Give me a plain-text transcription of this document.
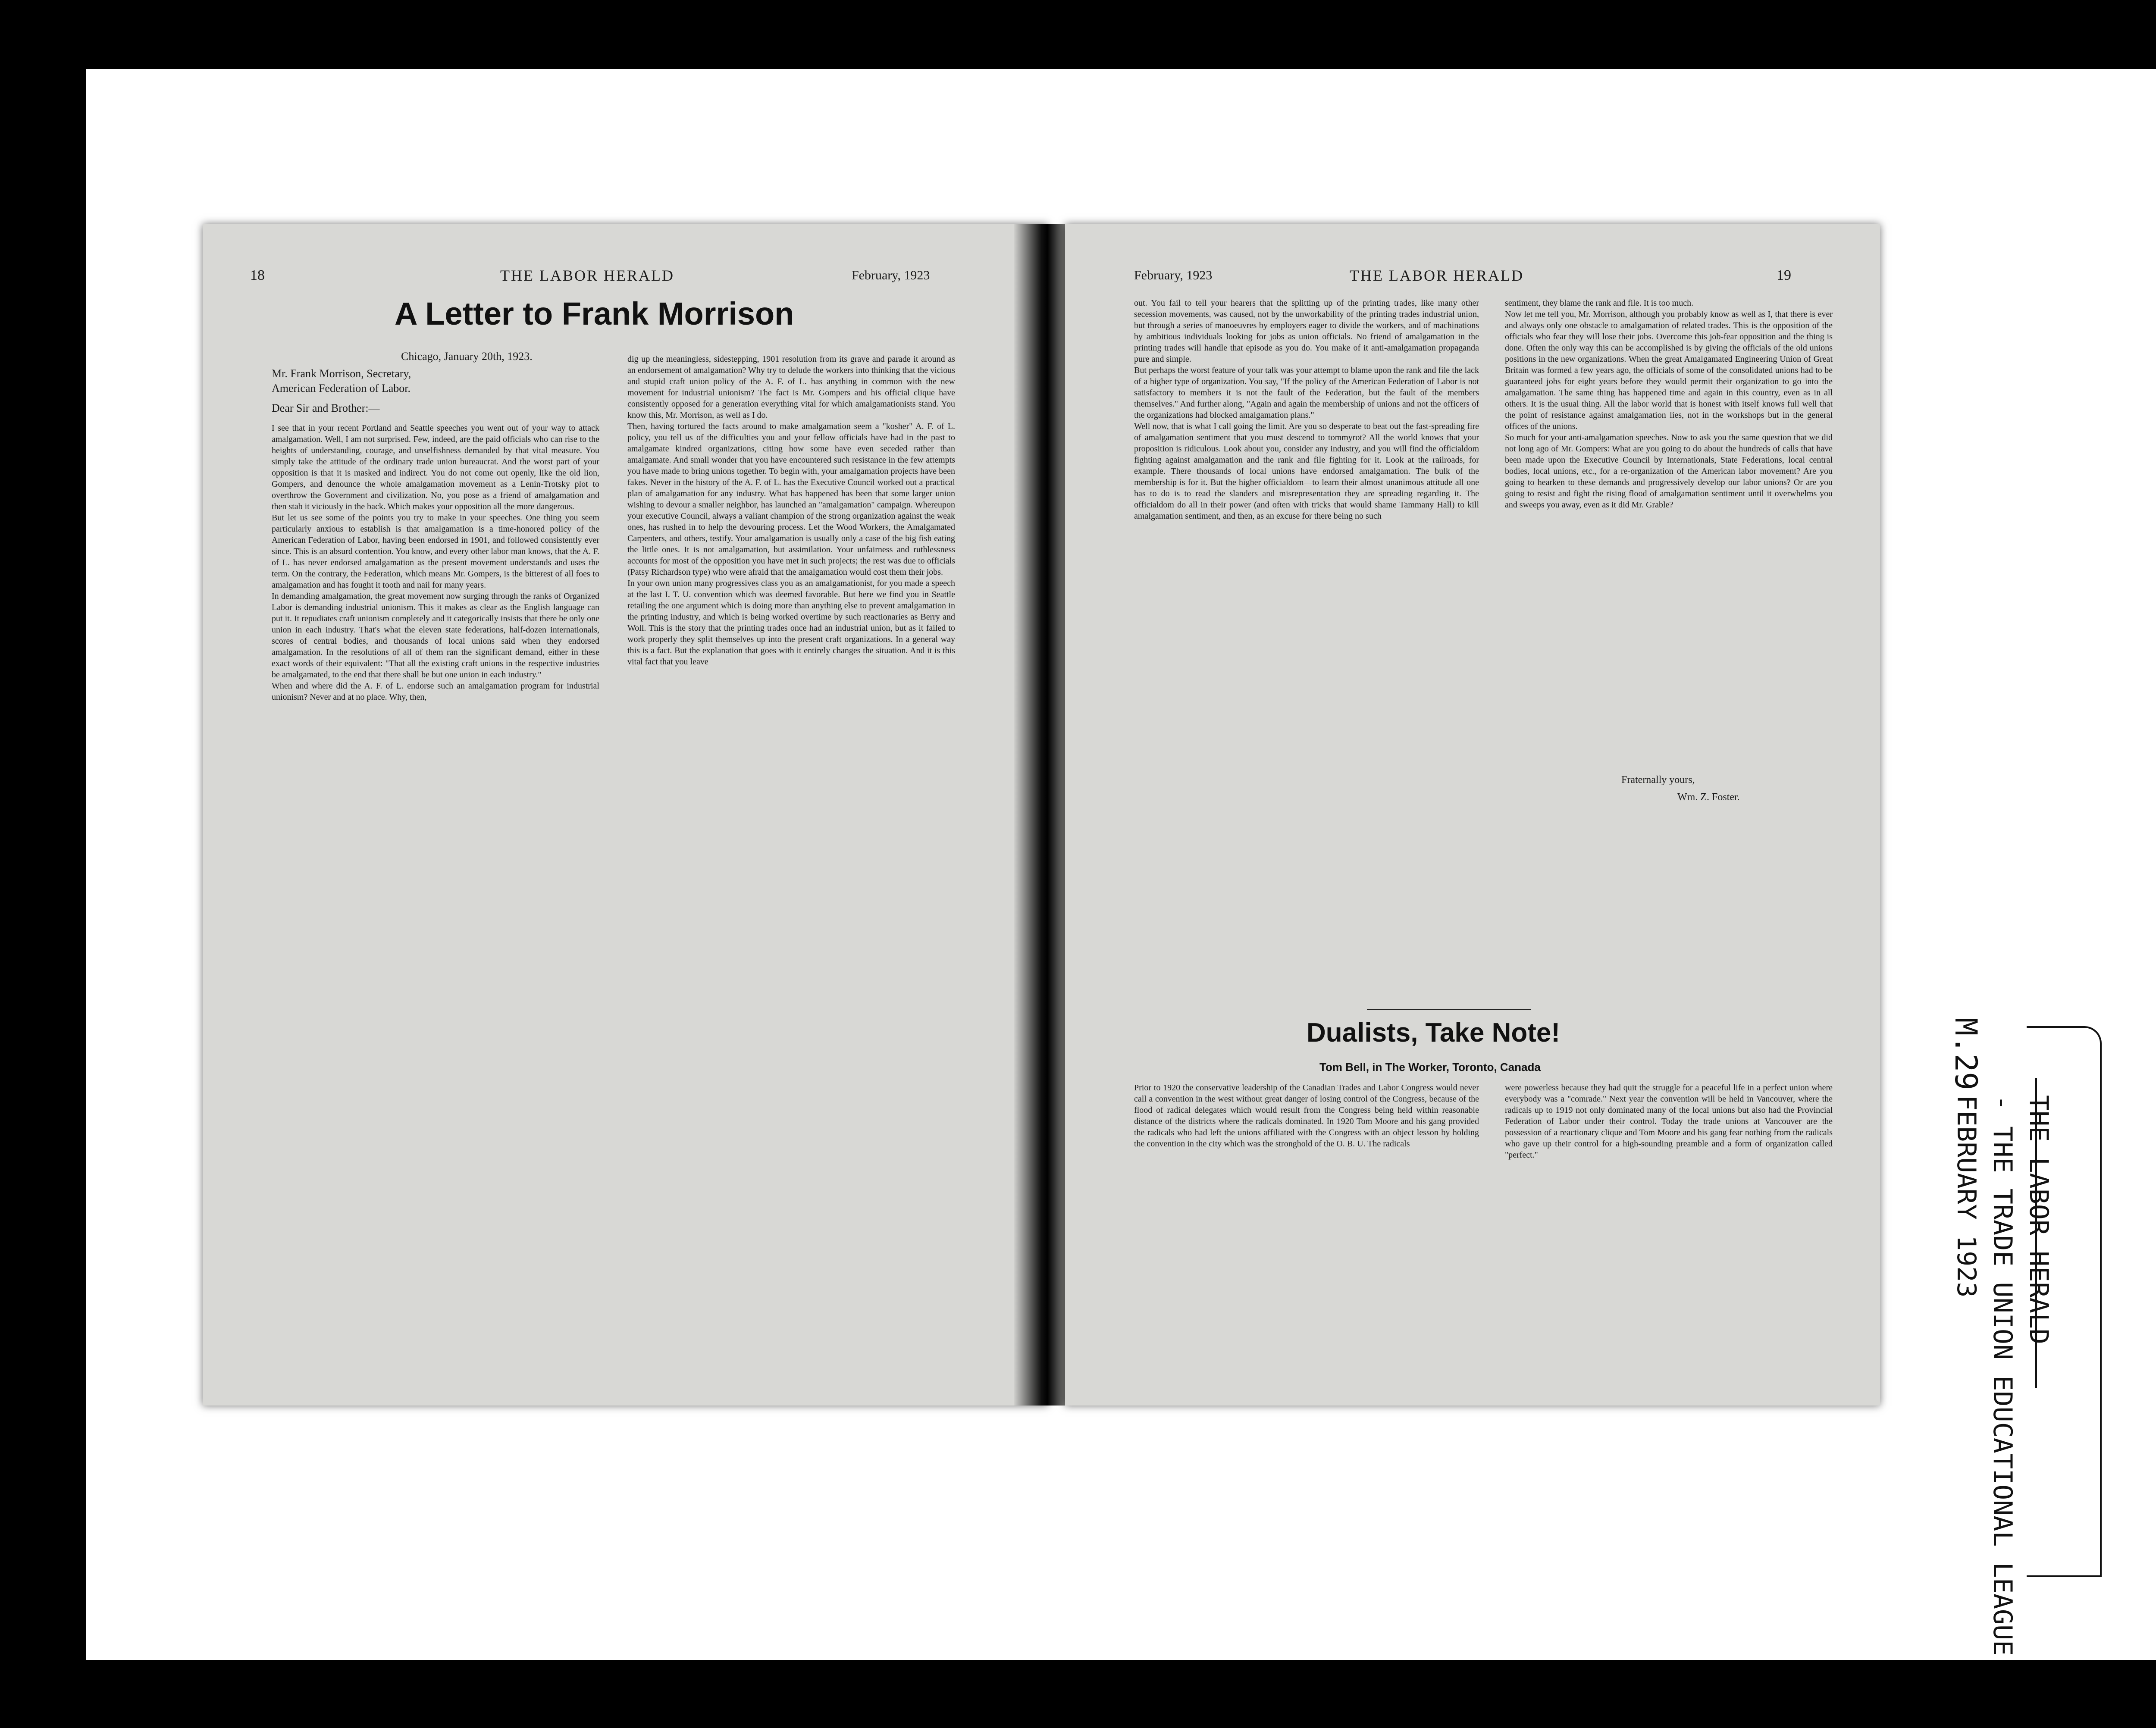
18	THE LABOR HERALD	February, 1923
A Letter to Frank Morrison
Chicago, January 20th, 1923.
Mr. Frank Morrison, Secretary,
American Federation of Labor.
Dear Sir and Brother:—
I see that in your recent Portland and Seattle speeches you went out of your way to attack amalgamation. Well, I am not surprised. Few, indeed, are the paid officials who can rise to the heights of understanding, courage, and unselfishness demanded by that vital measure. You simply take the attitude of the ordinary trade union bureaucrat. And the worst part of your opposition is that it is masked and indirect. You do not come out openly, like the old lion, Gompers, and denounce the whole amalgamation movement as a Lenin-Trotsky plot to overthrow the Government and civilization. No, you pose as a friend of amalgamation and then stab it viciously in the back. Which makes your opposition all the more dangerous.
But let us see some of the points you try to make in your speeches. One thing you seem particularly anxious to establish is that amalgamation is a time-honored policy of the American Federation of Labor, having been endorsed in 1901, and followed consistently ever since. This is an absurd contention. You know, and every other labor man knows, that the A. F. of L. has never endorsed amalgamation as the present movement understands and uses the term. On the contrary, the Federation, which means Mr. Gompers, is the bitterest of all foes to amalgamation and has fought it tooth and nail for many years.
In demanding amalgamation, the great movement now surging through the ranks of Organized Labor is demanding industrial unionism. This it makes as clear as the English language can put it. It repudiates craft unionism completely and it categorically insists that there be only one union in each industry. That's what the eleven state federations, half-dozen internationals, scores of central bodies, and thousands of local unions said when they endorsed amalgamation. In the resolutions of all of them ran the significant demand, either in these exact words of their equivalent: "That all the existing craft unions in the respective industries be amalgamated, to the end that there shall be but one union in each industry."
When and where did the A. F. of L. endorse such an amalgamation program for industrial unionism? Never and at no place. Why, then,
dig up the meaningless, sidestepping, 1901 resolution from its grave and parade it around as an endorsement of amalgamation? Why try to delude the workers into thinking that the vicious and stupid craft union policy of the A. F. of L. has anything in common with the new movement for industrial unionism? The fact is Mr. Gompers and his official clique have consistently opposed for a generation everything vital for which amalgamationists stand. You know this, Mr. Morrison, as well as I do.
Then, having tortured the facts around to make amalgamation seem a "kosher" A. F. of L. policy, you tell us of the difficulties you and your fellow officials have had in the past to amalgamate kindred organizations, citing how some have even seceded rather than amalgamate. And small wonder that you have encountered such resistance in the few attempts you have made to bring unions together. To begin with, your amalgamation projects have been fakes. Never in the history of the A. F. of L. has the Executive Council worked out a practical plan of amalgamation for any industry. What has happened has been that some larger union wishing to devour a smaller neighbor, has launched an "amalgamation" campaign. Whereupon your executive Council, always a valiant champion of the strong organization against the weak ones, has rushed in to help the devouring process. Let the Wood Workers, the Amalgamated Carpenters, and others, testify. Your amalgamation is usually only a case of the big fish eating the little ones. It is not amalgamation, but assimilation. Your unfairness and ruthlessness accounts for most of the opposition you have met in such projects; the rest was due to officials (Patsy Richardson type) who were afraid that the amalgamation would cost them their jobs.
In your own union many progressives class you as an amalgamationist, for you made a speech at the last I. T. U. convention which was deemed favorable. But here we find you in Seattle retailing the one argument which is doing more than anything else to prevent amalgamation in the printing industry, and which is being worked overtime by such reactionaries as Berry and Woll. This is the story that the printing trades once had an industrial union, but as it failed to work properly they split themselves up into the present craft organizations. In a general way this is a fact. But the explanation that goes with it entirely changes the situation. And it is this vital fact that you leave
February, 1923	THE LABOR HERALD	19
out. You fail to tell your hearers that the splitting up of the printing trades, like many other secession movements, was caused, not by the unworkability of the printing trades industrial union, but through a series of manoeuvres by employers eager to divide the workers, and of machinations by ambitious individuals looking for jobs as union officials. No friend of amalgamation in the printing trades will handle that episode as you do. You make of it anti-amalgamation propaganda pure and simple.
But perhaps the worst feature of your talk was your attempt to blame upon the rank and file the lack of a higher type of organization. You say, "If the policy of the American Federation of Labor is not satisfactory to members it is not the fault of the Federation, but the fault of the members themselves." And further along, "Again and again the membership of unions and not the officers of the organizations had blocked amalgamation plans."
Well now, that is what I call going the limit. Are you so desperate to beat out the fast-spreading fire of amalgamation sentiment that you must descend to tommyrot? All the world knows that your proposition is ridiculous. Look about you, consider any industry, and you will find the officialdom fighting against amalgamation and the rank and file fighting for it. Look at the railroads, for example. There thousands of local unions have endorsed amalgamation. The bulk of the membership is for it. But the higher officialdom—to learn their almost unanimous attitude all one has to do is to read the slanders and misrepresentation they are spreading regarding it. The officialdom do all in their power (and often with tricks that would shame Tammany Hall) to kill amalgamation sentiment, and then, as an excuse for there being no such
sentiment, they blame the rank and file. It is too much.
Now let me tell you, Mr. Morrison, although you probably know as well as I, that there is ever and always only one obstacle to amalgamation of related trades. This is the opposition of the officials who fear they will lose their jobs. Overcome this job-fear opposition and the thing is done. Often the only way this can be accomplished is by giving the officials of the old unions positions in the new organizations. When the great Amalgamated Engineering Union of Great Britain was formed a few years ago, the officials of some of the consolidated unions had to be guaranteed jobs for eight years before they would permit their organization to go into the amalgamation. The same thing has happened time and again in this country, even as in all others. It is the usual thing. All the labor world that is honest with itself knows full well that the point of resistance against amalgamation lies, not in the workshops but in the general offices of the unions.
So much for your anti-amalgamation speeches. Now to ask you the same question that we did not long ago of Mr. Gompers: What are you going to do about the hundreds of calls that have been made upon the Executive Council by Internationals, State Federations, local central bodies, local unions, etc., for a re-organization of the American labor movement? Are you going to hearken to these demands and progressively develop our labor unions? Or are you going to resist and fight the rising flood of amalgamation sentiment until it overwhelms you and sweeps you away, even as it did Mr. Grable?
Fraternally yours,
Wm. Z. Foster.
Dualists, Take Note!
Tom Bell, in The Worker, Toronto, Canada
Prior to 1920 the conservative leadership of the Canadian Trades and Labor Congress would never call a convention in the west without great danger of losing control of the Congress, because of the flood of radical delegates which would result from the Congress being held within reasonable distance of the districts where the radicals dominated. In 1920 Tom Moore and his gang provided the radicals who had left the unions affiliated with the Congress with an object lesson by holding the convention in the city which was the stronghold of the O. B. U. The radicals
were powerless because they had quit the struggle for a peaceful life in a perfect union where everybody was a "comrade." Next year the convention will be held in Vancouver, where the radicals up to 1919 not only dominated many of the local unions but also had the Provincial Federation of Labor under their control. Today the trade unions at Vancouver are the possession of a reactionary clique and Tom Moore and his gang fear nothing from the radicals who gave up their control for a high-sounding preamble and a form of organization called "perfect."
M.29
THE LABOR HERALD
- THE TRADE UNION EDUCATIONAL LEAGUE
FEBRUARY 1923
